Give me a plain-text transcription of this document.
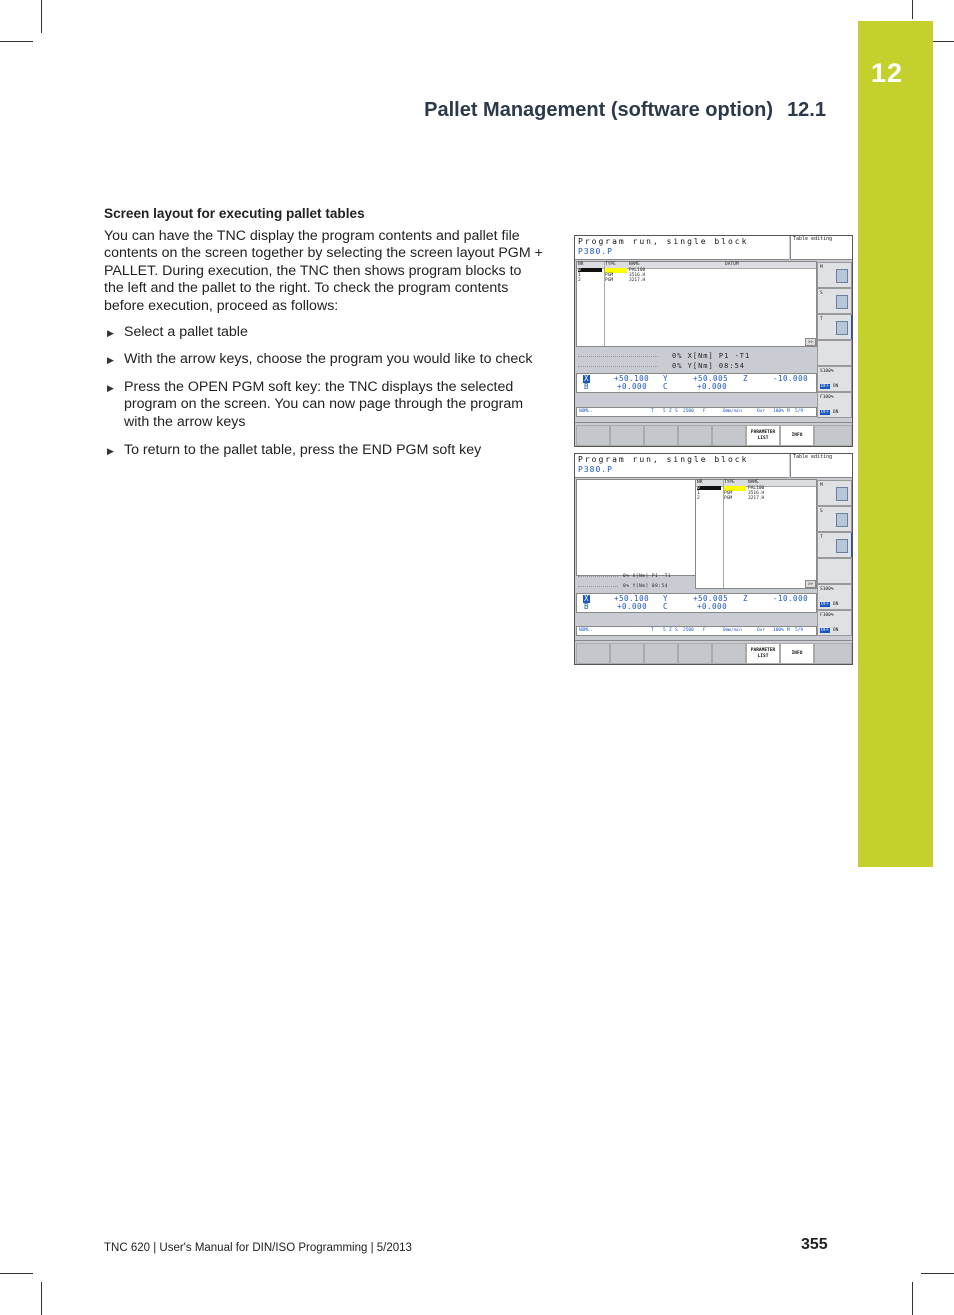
12
Pallet Management (software option) 12.1
Screen layout for executing pallet tables

You can have the TNC display the program contents and pallet file contents on the screen together by selecting the screen layout PGM + PALLET. During execution, the TNC then shows program blocks to the left and the pallet to the right. To check the program contents before execution, proceed as follows:

▶ Select a pallet table
▶ With the arrow keys, choose the program you would like to check
▶ Press the OPEN PGM soft key: the TNC displays the selected program on the screen. You can now page through the program with the arrow keys
▶ To return to the pallet table, press the END PGM soft key
Program run, single block
P380.P
Table editing
NR	TYPE	NAME	DATUM
0	PAL100
1	PGM	3516.H
2	PGM	3217.H
>>
0% X[Nm] P1 -T1
0% Y[Nm] 08:54
X	+50.100 Y	+50.005 Z	-10.000
B	+0.000 C	+0.000
NOML.	T 5 Z S 2500 F	0mm/min	Ovr 100% M 5/9
M
S
T
S100%
OFF ON
F100%
OFF ON
PARAMETER LIST
INFO
Program run, single block
P380.P
Table editing
0% X[Nm] P1 -T1
0% Y[Nm] 08:54
NR	TYPE	NAME
0	PAL100
1	PGM	3516.H
2	PGM	3217.H
>>
X	+50.100 Y	+50.005 Z	-10.000
B	+0.000 C	+0.000
NOML.	T 5 Z S 2500 F	0mm/min	Ovr 100% M 5/9
M
S
T
S100%
OFF ON
F100%
OFF ON
PARAMETER LIST
INFO
TNC 620 | User's Manual for DIN/ISO Programming | 5/2013	355
